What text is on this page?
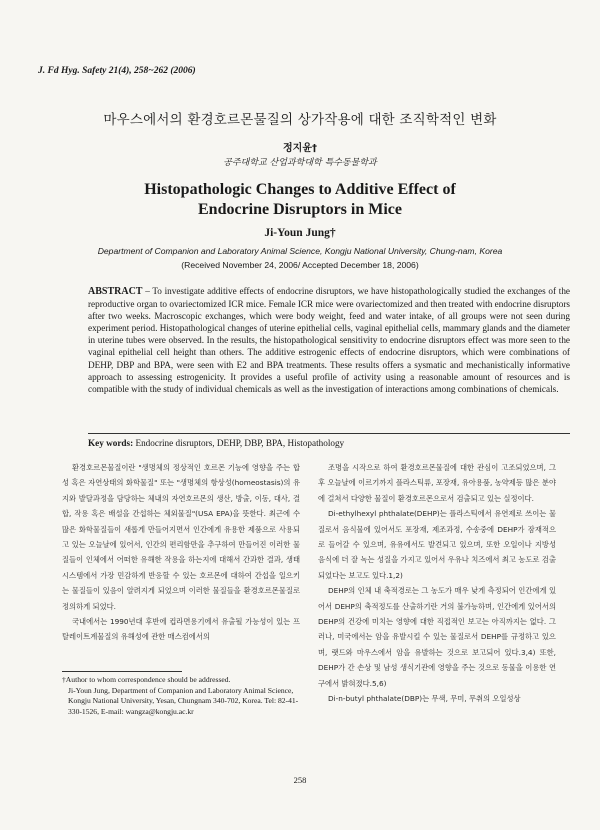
J. Fd Hyg. Safety 21(4), 258~262 (2006)
마우스에서의 환경호르몬물질의 상가작용에 대한 조직학적인 변화
정지윤†
공주대학교 산업과학대학 특수동물학과
Histopathologic Changes to Additive Effect of
Endocrine Disruptors in Mice
Ji-Youn Jung†
Department of Companion and Laboratory Animal Science, Kongju National University, Chung-nam, Korea
(Received November 24, 2006/ Accepted December 18, 2006)
ABSTRACT – To investigate additive effects of endocrine disruptors, we have histopathologically studied the exchanges of the reproductive organ to ovariectomized ICR mice. Female ICR mice were ovariectomized and then treated with endocrine disruptors after two weeks. Macroscopic exchanges, which were body weight, feed and water intake, of all groups were not seen during experiment period. Histopathological changes of uterine epithelial cells, vaginal epithelial cells, mammary glands and the diameter in uterine tubes were observed. In the results, the histopathological sensitivity to endocrine disruptors effect was more seen to the vaginal epithelial cell height than others. The additive estrogenic effects of endocrine disruptors, which were combinations of DEHP, DBP and BPA, were seen with E2 and BPA treatments. These results offers a sysmatic and mechanistically informative approach to assessing estrogenicity. It provides a useful profile of activity using a reasonable amount of resources and is compatible with the study of individual chemicals as well as the investigation of interactions among combinations of chemicals.
Key words: Endocrine disruptors, DEHP, DBP, BPA, Histopathology

환경호르몬물질이란 "생명체의 정상적인 호르몬 기능에 영향을 주는 합성 혹은 자연상태의 화학물질" 또는 "생명체의 항상성(homeostasis)의 유지와 발달과정을 담당하는 체내의 자연호르몬의 생산, 방출, 이동, 대사, 결합, 작용 혹은 배설을 간섭하는 체외물질"(USA EPA)을 뜻한다. 최근에 수많은 화학물질들이 새롭게 만들어지면서 인간에게 유용한 제품으로 사용되고 있는 오늘날에 있어서, 인간의 편리함만을 추구하여 만들어진 이러한 물질들이 인체에서 어떠한 유해한 작용을 하는지에 대해서 간과한 결과, 생태시스템에서 가장 민감하게 반응할 수 있는 호르몬에 대하여 간섭을 일으키는 물질들이 있음이 알려지게 되었으며 이러한 물질들을 환경호르몬물질로 정의하게 되었다.

국내에서는 1990년대 후반에 컵라면용기에서 유출될 가능성이 있는 프탈레이트계물질의 유해성에 관한 매스컴에서의

조명을 시작으로 하여 환경호르몬물질에 대한 관심이 고조되었으며, 그 후 오늘날에 이르기까지 플라스틱류, 포장재, 유아용품, 농약제등 많은 분야에 걸쳐서 다양한 물질이 환경호르몬으로서 검출되고 있는 실정이다.

Di-ethylhexyl phthalate(DEHP)는 플라스틱에서 유연제로 쓰이는 물질로서 음식물에 있어서도 포장재, 제조과정, 수송중에 DEHP가 잠재적으로 들어갈 수 있으며, 유유에서도 발견되고 있으며, 또한 오일이나 지방성 음식에 더 잘 녹는 성질을 가지고 있어서 우유나 치즈에서 최고 농도로 검출되었다는 보고도 있다.1,2)

DEHP의 인체 내 축적경로는 그 농도가 매우 낮게 측정되어 인간에게 있어서 DEHP의 축적정도를 산출하기란 거의 불가능하며, 인간에게 있어서의 DEHP의 건강에 미치는 영향에 대한 직접적인 보고는 아직까지는 없다. 그러나, 미국에서는 암을 유발시킬 수 있는 물질로서 DEHP를 규정하고 있으며, 랫드와 마우스에서 암을 유발하는 것으로 보고되어 있다.3,4) 또한, DEHP가 간 손상 및 남성 생식기관에 영향을 주는 것으로 동물을 이용한 연구에서 밝혀졌다.5,6)

Di-n-butyl phthalate(DBP)는 무색, 무미, 무취의 오일성상

†Author to whom correspondence should be addressed.

Ji-Youn Jung, Department of Companion and Laboratory Animal Science, Kongju National University, Yesan, Chungnam 340-702, Korea. Tel: 82-41-330-1526, E-mail: wangza@kongju.ac.kr

258
